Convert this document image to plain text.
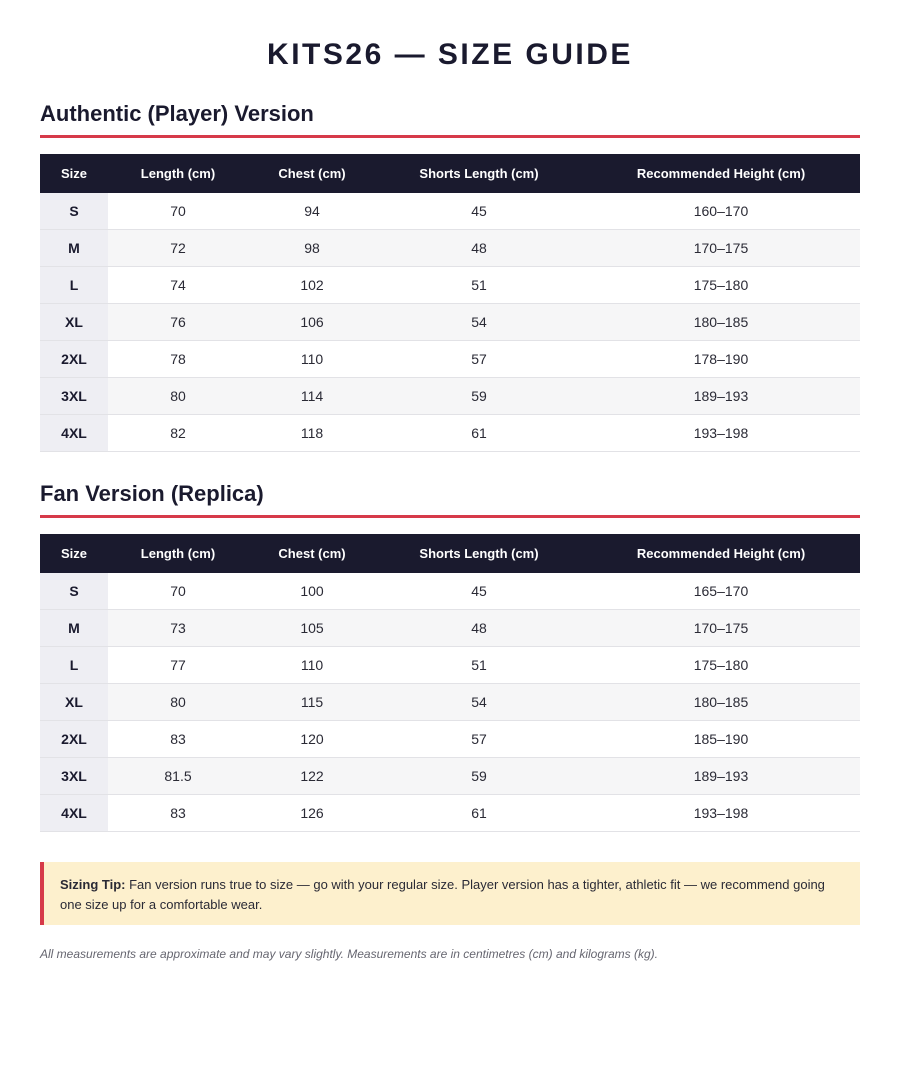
KITS26 — SIZE GUIDE
Authentic (Player) Version
Size	Length (cm)	Chest (cm)	Shorts Length (cm)	Recommended Height (cm)
S	70	94	45	160–170
M	72	98	48	170–175
L	74	102	51	175–180
XL	76	106	54	180–185
2XL	78	110	57	178–190
3XL	80	114	59	189–193
4XL	82	118	61	193–198
Fan Version (Replica)
Size	Length (cm)	Chest (cm)	Shorts Length (cm)	Recommended Height (cm)
S	70	100	45	165–170
M	73	105	48	170–175
L	77	110	51	175–180
XL	80	115	54	180–185
2XL	83	120	57	185–190
3XL	81.5	122	59	189–193
4XL	83	126	61	193–198
Sizing Tip: Fan version runs true to size — go with your regular size. Player version has a tighter, athletic fit — we recommend going one size up for a comfortable wear.
All measurements are approximate and may vary slightly. Measurements are in centimetres (cm) and kilograms (kg).
